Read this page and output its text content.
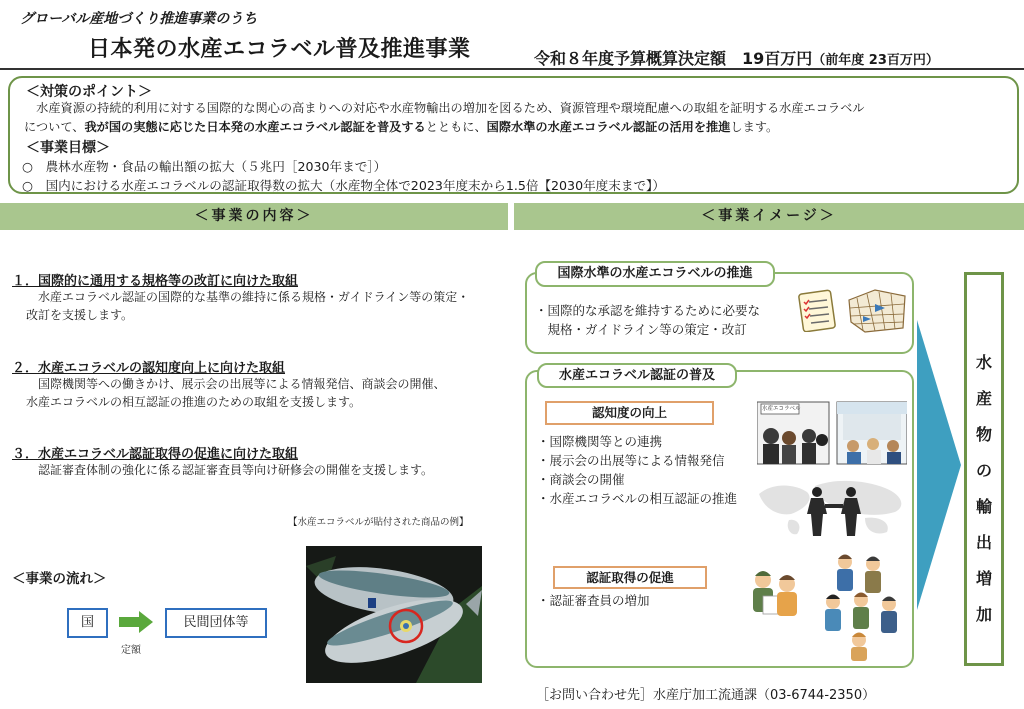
グローバル産地づくり推進事業のうち
日本発の水産エコラベル普及推進事業	令和８年度予算概算決定額　19百万円（前年度 23百万円）
＜対策のポイント＞
　水産資源の持続的利用に対する国際的な関心の高まりへの対応や水産物輸出の増加を図るため、資源管理や環境配慮への取組を証明する水産エコラベル
について、我が国の実態に応じた日本発の水産エコラベル認証を普及するとともに、国際水準の水産エコラベル認証の活用を推進します。
＜事業目標＞
○　農林水産物・食品の輸出額の拡大（５兆円［2030年まで］）
○　国内における水産エコラベルの認証取得数の拡大（水産物全体で2023年度末から1.5倍【2030年度末まで】）
＜事業の内容＞	＜事業イメージ＞
１．国際的に通用する規格等の改訂に向けた取組
　　水産エコラベル認証の国際的な基準の維持に係る規格・ガイドライン等の策定・
　改訂を支援します。
２．水産エコラベルの認知度向上に向けた取組
　　国際機関等への働きかけ、展示会の出展等による情報発信、商談会の開催、
　水産エコラベルの相互認証の推進のための取組を支援します。
３．水産エコラベル認証取得の促進に向けた取組
　　認証審査体制の強化に係る認証審査員等向け研修会の開催を支援します。
＜事業の流れ＞
国	民間団体等
定額
【水産エコラベルが貼付された商品の例】
・国際的な承認を維持するために必要な
　規格・ガイドライン等の策定・改訂
国際水準の水産エコラベルの推進
・国際機関等との連携
・展示会の出展等による情報発信
・商談会の開催
・水産エコラベルの相互認証の推進
・認証審査員の増加
水産エコラベル
水産エコラベル認証の普及
認知度の向上
認証取得の促進
水
産
物
の
輸
出
増
加
［お問い合わせ先］水産庁加工流通課（03-6744-2350）
